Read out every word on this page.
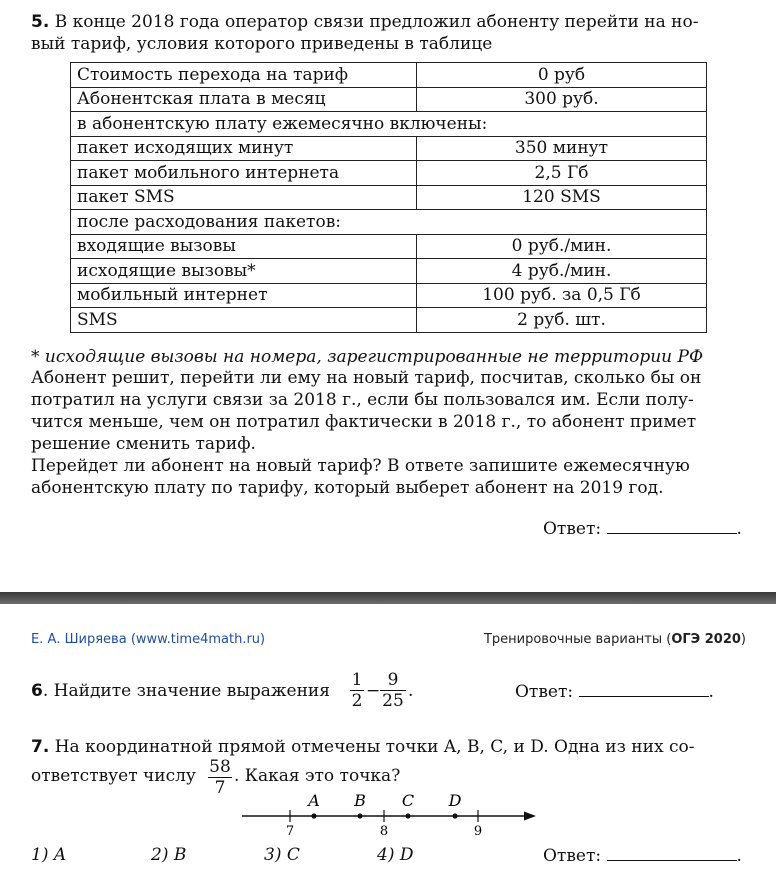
5. В конце 2018 года оператор связи предложил абоненту перейти на но-
вый тариф, условия которого приведены в таблице
Стоимость перехода на тариф	0 руб
Абонентская плата в месяц	300 руб.
в абонентскую плату ежемесячно включены:	
пакет исходящих минут	350 минут
пакет мобильного интернета	2,5 Гб
пакет SMS	120 SMS
после расходования пакетов:	
входящие вызовы	0 руб./мин.
исходящие вызовы*	4 руб./мин.
мобильный интернет	100 руб. за 0,5 Гб
SMS	2 руб. шт.
* исходящие вызовы на номера, зарегистрированные не территории РФ
Абонент решит, перейти ли ему на новый тариф, посчитав, сколько бы он
потратил на услуги связи за 2018 г., если бы пользовался им. Если полу-
чится меньше, чем он потратил фактически в 2018 г., то абонент примет
решение сменить тариф.
Перейдет ли абонент на новый тариф? В ответе запишите ежемесячную
абонентскую плату по тарифу, который выберет абонент на 2019 год.
Ответ:	.
Е. А. Ширяева (www.time4math.ru)	Тренировочные варианты (ОГЭ 2020)
6. Найдите значение выражения
1
2 −
9
25 .	Ответ:	.
7. На координатной прямой отмечены точки A, B, C, и D. Одна из них со-
ответствует числу 58
7
. Какая это точка?
7	8	9
A B C D
1) A	2) B	3) C	4) D	Ответ:	.
